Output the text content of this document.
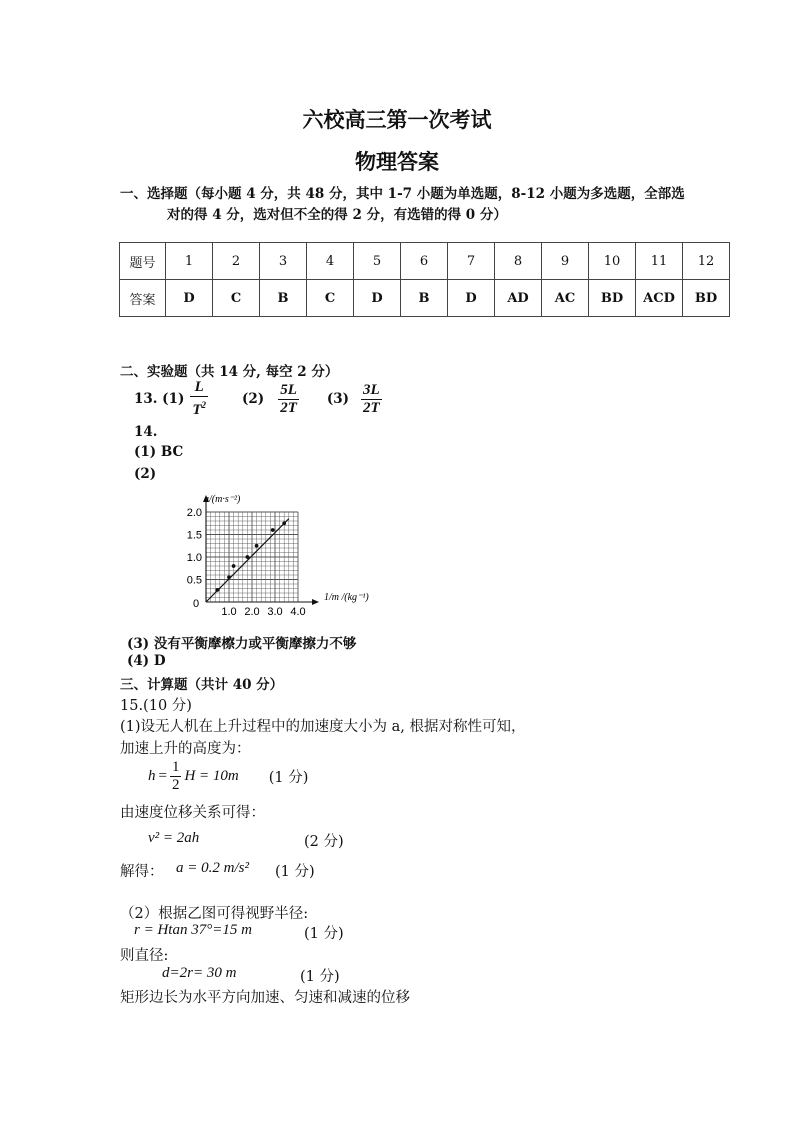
六校高三第一次考试
物理答案
一、选择题（每小题 4 分，共 48 分，其中 1-7 小题为单选题，8-12 小题为多选题，全部选
对的得 4 分，选对但不全的得 2 分，有选错的得 0 分）
题号	1	2	3	4	5	6	7	8	9	10	11	12
答案	D	C	B	C	D	B	D	AD	AC	BD	ACD	BD
二、实验题（共 14 分, 每空 2 分）
13. $(1) \frac{L}{T^2}$	$(2) \frac{5L}{2T} (3) \frac{3L}{2T}$
14.
(1) BC
(2)
1.0 2.0 3.0 4.0
0.5
1.0
1.5
2.0
a/(m·s⁻²)
1/m /(kg⁻¹)
0
(3) 没有平衡摩檫力或平衡摩擦力不够
(4) D
三、计算题（共计 40 分）
15.(10 分)
(1)设无人机在上升过程中的加速度大小为 a, 根据对称性可知，
加速上升的高度为：
$h = \frac{1}{2}$ H = 10m (1 分)
由速度位移关系可得：
v² = 2ah	(2 分)
解得： a = 0.2 m/s² (1 分)
（2）根据乙图可得视野半径:
r = Htan 37°=15 m	(1 分)
则直径:
d=2r= 30 m	(1 分)
矩形边长为水平方向加速、匀速和减速的位移
